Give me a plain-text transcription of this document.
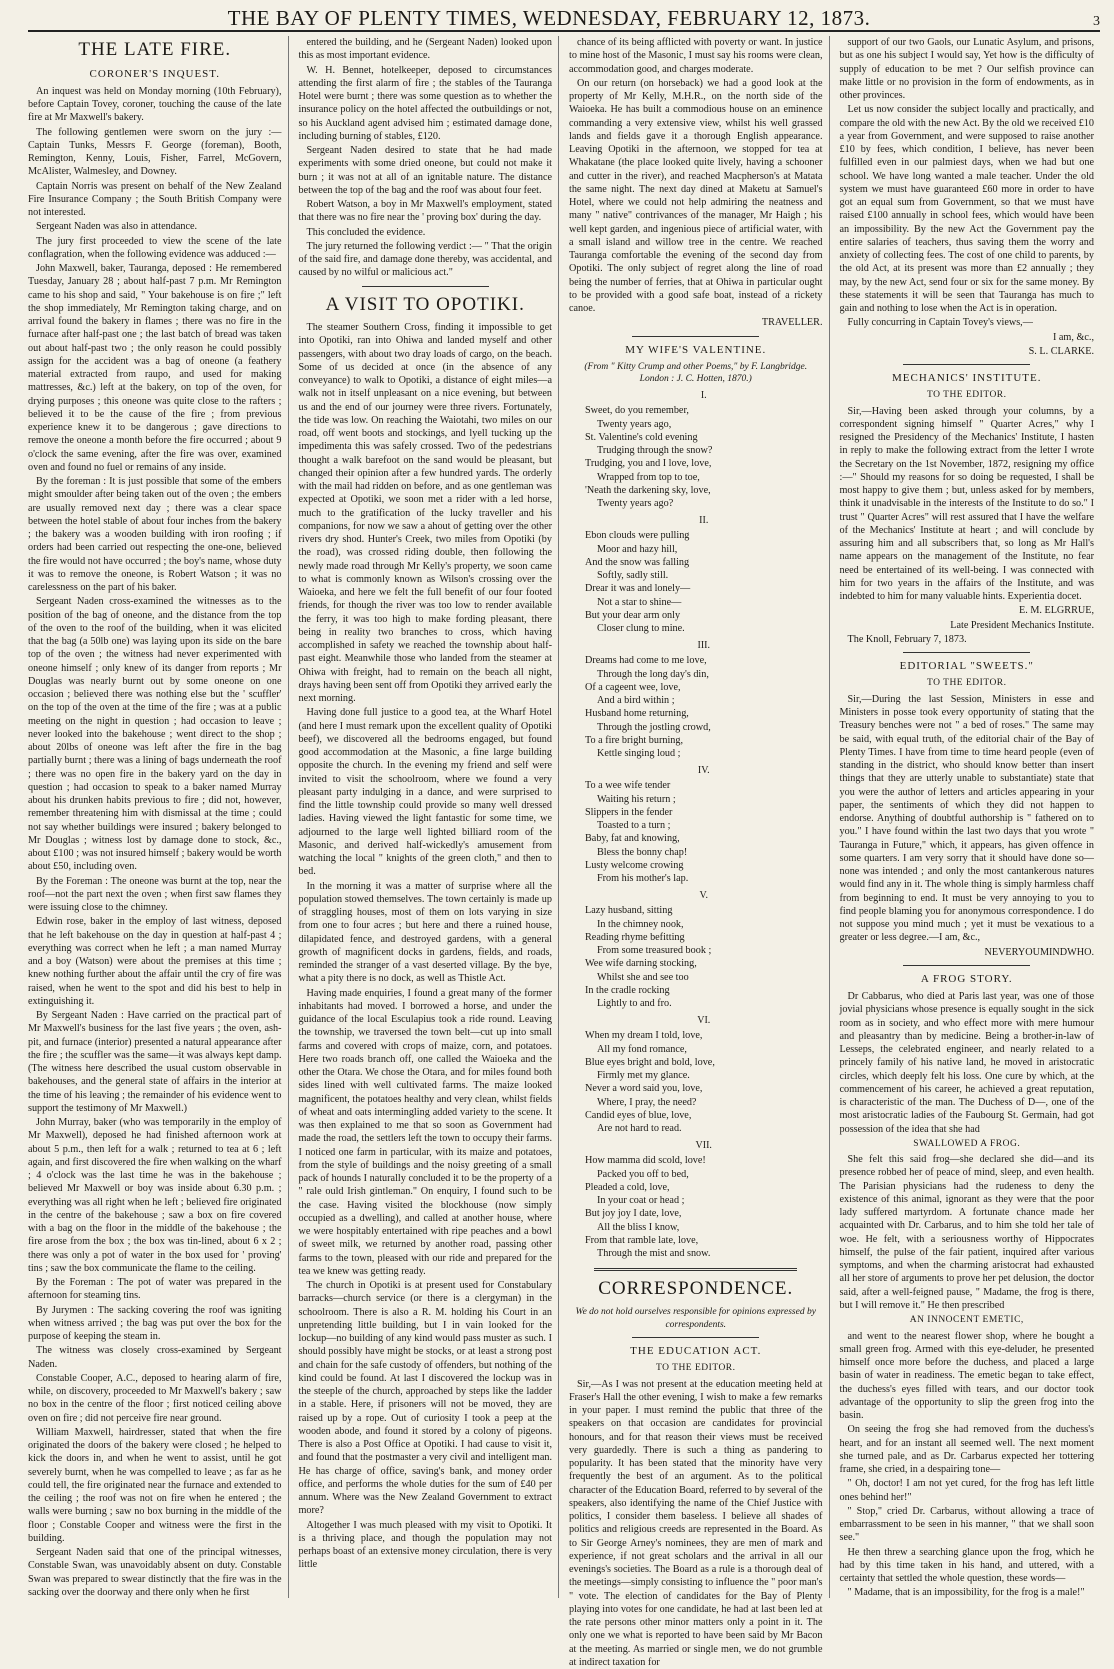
THE BAY OF PLENTY TIMES, WEDNESDAY, FEBRUARY 12, 1873.	3
THE LATE FIRE.
CORONER'S INQUEST.

An inquest was held on Monday morning (10th February), before Captain Tovey, coroner, touching the cause of the late fire at Mr Maxwell's bakery.

The following gentlemen were sworn on the jury :—Captain Tunks, Messrs F. George (foreman), Booth, Remington, Kenny, Louis, Fisher, Farrel, McGovern, McAlister, Walmesley, and Downey.

Captain Norris was present on behalf of the New Zealand Fire Insurance Company ; the South British Company were not interested.

Sergeant Naden was also in attendance.

The jury first proceeded to view the scene of the late conflagration, when the following evidence was adduced :—

John Maxwell, baker, Tauranga, deposed : He remembered Tuesday, January 28 ; about half-past 7 p.m. Mr Remington came to his shop and said, " Your bakehouse is on fire ;" left the shop immediately, Mr Remington taking charge, and on arrival found the bakery in flames ; there was no fire in the furnace after half-past one ; the last batch of bread was taken out about half-past two ; the only reason he could possibly assign for the accident was a bag of oneone (a feathery material extracted from raupo, and used for making mattresses, &c.) left at the bakery, on top of the oven, for drying purposes ; this oneone was quite close to the rafters ; believed it to be the cause of the fire ; from previous experience knew it to be dangerous ; gave directions to remove the oneone a month before the fire occurred ; about 9 o'clock the same evening, after the fire was over, examined oven and found no fuel or remains of any inside.

By the foreman : It is just possible that some of the embers might smoulder after being taken out of the oven ; the embers are usually removed next day ; there was a clear space between the hotel stable of about four inches from the bakery ; the bakery was a wooden building with iron roofing ; if orders had been carried out respecting the one-one, believed the fire would not have occurred ; the boy's name, whose duty it was to remove the oneone, is Robert Watson ; it was no carelessness on the part of his baker.

Sergeant Naden cross-examined the witnesses as to the position of the bag of oneone, and the distance from the top of the oven to the roof of the building, when it was elicited that the bag (a 50lb one) was laying upon its side on the bare top of the oven ; the witness had never experimented with oneone himself ; only knew of its danger from reports ; Mr Douglas was nearly burnt out by some oneone on one occasion ; believed there was nothing else but the ' scuffler' on the top of the oven at the time of the fire ; was at a public meeting on the night in question ; had occasion to leave ; never looked into the bakehouse ; went direct to the shop ; about 20lbs of oneone was left after the fire in the bag partially burnt ; there was a lining of bags underneath the roof ; there was no open fire in the bakery yard on the day in question ; had occasion to speak to a baker named Murray about his drunken habits previous to fire ; did not, however, remember threatening him with dismissal at the time ; could not say whether buildings were insured ; bakery belonged to Mr Douglas ; witness lost by damage done to stock, &c., about £100 ; was not insured himself ; bakery would be worth about £50, including oven.

By the Foreman : The oneone was burnt at the top, near the roof—not the part next the oven ; when first saw flames they were issuing close to the chimney.

Edwin rose, baker in the employ of last witness, deposed that he left bakehouse on the day in question at half-past 4 ; everything was correct when he left ; a man named Murray and a boy (Watson) were about the premises at this time ; knew nothing further about the affair until the cry of fire was raised, when he went to the spot and did his best to help in extinguishing it.

By Sergeant Naden : Have carried on the practical part of Mr Maxwell's business for the last five years ; the oven, ash-pit, and furnace (interior) presented a natural appearance after the fire ; the scuffler was the same—it was always kept damp. (The witness here described the usual custom observable in bakehouses, and the general state of affairs in the interior at the time of his leaving ; the remainder of his evidence went to support the testimony of Mr Maxwell.)

John Murray, baker (who was temporarily in the employ of Mr Maxwell), deposed he had finished afternoon work at about 5 p.m., then left for a walk ; returned to tea at 6 ; left again, and first discovered the fire when walking on the wharf ; 4 o'clock was the last time he was in the bakehouse ; believed Mr Maxwell or boy was inside about 6.30 p.m. ; everything was all right when he left ; believed fire originated in the centre of the bakehouse ; saw a box on fire covered with a bag on the floor in the middle of the bakehouse ; the fire arose from the box ; the box was tin-lined, about 6 x 2 ; there was only a pot of water in the box used for ' proving' tins ; saw the box communicate the flame to the ceiling.

By the Foreman : The pot of water was prepared in the afternoon for steaming tins.

By Jurymen : The sacking covering the roof was igniting when witness arrived ; the bag was put over the box for the purpose of keeping the steam in.

The witness was closely cross-examined by Sergeant Naden.

Constable Cooper, A.C., deposed to hearing alarm of fire, while, on discovery, proceeded to Mr Maxwell's bakery ; saw no box in the centre of the floor ; first noticed ceiling above oven on fire ; did not perceive fire near ground.

William Maxwell, hairdresser, stated that when the fire originated the doors of the bakery were closed ; he helped to kick the doors in, and when he went to assist, until he got severely burnt, when he was compelled to leave ; as far as he could tell, the fire originated near the furnace and extended to the ceiling ; the roof was not on fire when he entered ; the walls were burning ; saw no box burning in the middle of the floor ; Constable Cooper and witness were the first in the building.

Sergeant Naden said that one of the principal witnesses, Constable Swan, was unavoidably absent on duty. Constable Swan was prepared to swear distinctly that the fire was in the sacking over the doorway and there only when he first

entered the building, and he (Sergeant Naden) looked upon this as most important evidence.

W. H. Bennet, hotelkeeper, deposed to circumstances attending the first alarm of fire ; the stables of the Tauranga Hotel were burnt ; there was some question as to whether the insurance policy on the hotel affected the outbuildings or not, so his Auckland agent advised him ; estimated damage done, including burning of stables, £120.

Sergeant Naden desired to state that he had made experiments with some dried oneone, but could not make it burn ; it was not at all of an ignitable nature. The distance between the top of the bag and the roof was about four feet.

Robert Watson, a boy in Mr Maxwell's employment, stated that there was no fire near the ' proving box' during the day.

This concluded the evidence.

The jury returned the following verdict :— " That the origin of the said fire, and damage done thereby, was accidental, and caused by no wilful or malicious act."

A VISIT TO OPOTIKI.

The steamer Southern Cross, finding it impossible to get into Opotiki, ran into Ohiwa and landed myself and other passengers, with about two dray loads of cargo, on the beach. Some of us decided at once (in the absence of any conveyance) to walk to Opotiki, a distance of eight miles—a walk not in itself unpleasant on a nice evening, but between us and the end of our journey were three rivers. Fortunately, the tide was low. On reaching the Waiotahi, two miles on our road, off went boots and stockings, and lyell tucking up the impedimenta this was safely crossed. Two of the pedestrians thought a walk barefoot on the sand would be pleasant, but changed their opinion after a few hundred yards. The orderly with the mail had ridden on before, and as one gentleman was expected at Opotiki, we soon met a rider with a led horse, much to the gratification of the lucky traveller and his companions, for now we saw a ahout of getting over the other rivers dry shod. Hunter's Creek, two miles from Opotiki (by the road), was crossed riding double, then following the newly made road through Mr Kelly's property, we soon came to what is commonly known as Wilson's crossing over the Waioeka, and here we felt the full benefit of our four footed friends, for though the river was too low to render available the ferry, it was too high to make fording pleasant, there being in reality two branches to cross, which having accomplished in safety we reached the township about half-past eight. Meanwhile those who landed from the steamer at Ohiwa with freight, had to remain on the beach all night, drays having been sent off from Opotiki they arrived early the next morning.

Having done full justice to a good tea, at the Wharf Hotel (and here I must remark upon the excellent quality of Opotiki beef), we discovered all the bedrooms engaged, but found good accommodation at the Masonic, a fine large building opposite the church. In the evening my friend and self were invited to visit the schoolroom, where we found a very pleasant party indulging in a dance, and were surprised to find the little township could provide so many well dressed ladies. Having viewed the light fantastic for some time, we adjourned to the large well lighted billiard room of the Masonic, and derived half-wickedly's amusement from watching the local " knights of the green cloth," and then to bed.

In the morning it was a matter of surprise where all the population stowed themselves. The town certainly is made up of straggling houses, most of them on lots varying in size from one to four acres ; but here and there a ruined house, dilapidated fence, and destroyed gardens, with a general growth of magnificent docks in gardens, fields, and roads, reminded the stranger of a vast deserted village. By the bye, what a pity there is no dock, as well as Thistle Act.

Having made enquiries, I found a great many of the former inhabitants had moved. I borrowed a horse, and under the guidance of the local Esculapius took a ride round. Leaving the township, we traversed the town belt—cut up into small farms and covered with crops of maize, corn, and potatoes. Here two roads branch off, one called the Waioeka and the other the Otara. We chose the Otara, and for miles found both sides lined with well cultivated farms. The maize looked magnificent, the potatoes healthy and very clean, whilst fields of wheat and oats intermingling added variety to the scene. It was then explained to me that so soon as Government had made the road, the settlers left the town to occupy their farms. I noticed one farm in particular, with its maize and potatoes, from the style of buildings and the noisy greeting of a small pack of hounds I naturally concluded it to be the property of a " rale ould Irish gintleman." On enquiry, I found such to be the case. Having visited the blockhouse (now simply occupied as a dwelling), and called at another house, where we were hospitably entertained with ripe peaches and a bowl of sweet milk, we returned by another road, passing other farms to the town, pleased with our ride and prepared for the tea we knew was getting ready.

The church in Opotiki is at present used for Constabulary barracks—church service (or there is a clergyman) in the schoolroom. There is also a R. M. holding his Court in an unpretending little building, but I in vain looked for the lockup—no building of any kind would pass muster as such. I should possibly have might be stocks, or at least a strong post and chain for the safe custody of offenders, but nothing of the kind could be found. At last I discovered the lockup was in the steeple of the church, approached by steps like the ladder in a stable. Here, if prisoners will not be moved, they are raised up by a rope. Out of curiosity I took a peep at the wooden abode, and found it stored by a colony of pigeons. There is also a Post Office at Opotiki. I had cause to visit it, and found that the postmaster a very civil and intelligent man. He has charge of office, saving's bank, and money order office, and performs the whole duties for the sum of £40 per annum. Where was the New Zealand Government to extract more?

Altogether I was much pleased with my visit to Opotiki. It is a thriving place, and though the population may not perhaps boast of an extensive money circulation, there is very little

chance of its being afflicted with poverty or want. In justice to mine host of the Masonic, I must say his rooms were clean, accommodation good, and charges moderate.

On our return (on horseback) we had a good look at the property of Mr Kelly, M.H.R., on the north side of the Waioeka. He has built a commodious house on an eminence commanding a very extensive view, whilst his well grassed lands and fields gave it a thorough English appearance. Leaving Opotiki in the afternoon, we stopped for tea at Whakatane (the place looked quite lively, having a schooner and cutter in the river), and reached Macpherson's at Matata the same night. The next day dined at Maketu at Samuel's Hotel, where we could not help admiring the neatness and many " native" contrivances of the manager, Mr Haigh ; his well kept garden, and ingenious piece of artificial water, with a small island and willow tree in the centre. We reached Tauranga comfortable the evening of the second day from Opotiki. The only subject of regret along the line of road being the number of ferries, that at Ohiwa in particular ought to be provided with a good safe boat, instead of a rickety canoe.

TRAVELLER.

MY WIFE'S VALENTINE.
(From " Kitty Crump and other Poems," by F. Langbridge. London : J. C. Hotten, 1870.)
I.
Sweet, do you remember,
Twenty years ago,
St. Valentine's cold evening
Trudging through the snow?
Trudging, you and I love, love,
Wrapped from top to toe,
'Neath the darkening sky, love,
Twenty years ago?
II.
Ebon clouds were pulling
Moor and hazy hill,
And the snow was falling
Softly, sadly still.
Drear it was and lonely—
Not a star to shine—
But your dear arm only
Closer clung to mine.
III.
Dreams had come to me love,
Through the long day's din,
Of a cageent wee, love,
And a bird within ;
Husband home returning,
Through the jostling crowd,
To a fire bright burning,
Kettle singing loud ;
IV.
To a wee wife tender
Waiting his return ;
Slippers in the fender
Toasted to a turn ;
Baby, fat and knowing,
Bless the bonny chap!
Lusty welcome crowing
From his mother's lap.
V.
Lazy husband, sitting
In the chimney nook,
Reading rhyme befitting
From some treasured book ;
Wee wife darning stocking,
Whilst she and see too
In the cradle rocking
Lightly to and fro.
VI.
When my dream I told, love,
All my fond romance,
Blue eyes bright and bold, love,
Firmly met my glance.
Never a word said you, love,
Where, I pray, the need?
Candid eyes of blue, love,
Are not hard to read.
VII.
How mamma did scold, love!
Packed you off to bed,
Pleaded a cold, love,
In your coat or head ;
But joy joy I date, love,
All the bliss I know,
From that ramble late, love,
Through the mist and snow.
CORRESPONDENCE.
We do not hold ourselves responsible for opinions expressed by correspondents.
THE EDUCATION ACT.
TO THE EDITOR.

Sir,—As I was not present at the education meeting held at Fraser's Hall the other evening, I wish to make a few remarks in your paper. I must remind the public that three of the speakers on that occasion are candidates for provincial honours, and for that reason their views must be received very guardedly. There is such a thing as pandering to popularity. It has been stated that the minority have very frequently the best of an argument. As to the political character of the Education Board, referred to by several of the speakers, also identifying the name of the Chief Justice with politics, I consider them baseless. I believe all shades of politics and religious creeds are represented in the Board. As to Sir George Arney's nominees, they are men of mark and experience, if not great scholars and the arrival in all our evenings's societies. The Board as a rule is a thorough deal of the meetings—simply consisting to influence the " poor man's " vote. The election of candidates for the Bay of Plenty playing into votes for one candidate, he had at last been led at the rate persons other minor matters only a point in it. The only one we what is reported to have been said by Mr Bacon at the meeting. As married or single men, we do not grumble at indirect taxation for

support of our two Gaols, our Lunatic Asylum, and prisons, but as one his subject I would say, Yet how is the difficulty of supply of education to be met ? Our selfish province can make little or no provision in the form of endowments, as in other provinces.

Let us now consider the subject locally and practically, and compare the old with the new Act. By the old we received £10 a year from Government, and were supposed to raise another £10 by fees, which condition, I believe, has never been fulfilled even in our palmiest days, when we had but one school. We have long wanted a male teacher. Under the old system we must have guaranteed £60 more in order to have got an equal sum from Government, so that we must have raised £100 annually in school fees, which would have been an impossibility. By the new Act the Government pay the entire salaries of teachers, thus saving them the worry and anxiety of collecting fees. The cost of one child to parents, by the old Act, at its present was more than £2 annually ; they may, by the new Act, send four or six for the same money. By these statements it will be seen that Tauranga has much to gain and nothing to lose when the Act is in operation.

Fully concurring in Captain Tovey's views,—

I am, &c.,

S. L. CLARKE.

MECHANICS' INSTITUTE.
TO THE EDITOR.

Sir,—Having been asked through your columns, by a correspondent signing himself " Quarter Acres," why I resigned the Presidency of the Mechanics' Institute, I hasten in reply to make the following extract from the letter I wrote the Secretary on the 1st November, 1872, resigning my office :—" Should my reasons for so doing be requested, I shall be most happy to give them ; but, unless asked for by members, think it unadvisable in the interests of the Institute to do so." I trust " Quarter Acres" will rest assured that I have the welfare of the Mechanics' Institute at heart ; and will conclude by assuring him and all subscribers that, so long as Mr Hall's name appears on the management of the Institute, no fear need be entertained of its well-being. I was connected with him for two years in the affairs of the Institute, and was indebted to him for many valuable hints. Experientia docet.

E. M. ELGRRUE,

Late President Mechanics Institute.

The Knoll, February 7, 1873.

EDITORIAL "SWEETS."
TO THE EDITOR.

Sir,—During the last Session, Ministers in esse and Ministers in posse took every opportunity of stating that the Treasury benches were not " a bed of roses." The same may be said, with equal truth, of the editorial chair of the Bay of Plenty Times. I have from time to time heard people (even of standing in the district, who should know better than insert things that they are utterly unable to substantiate) state that you were the author of letters and articles appearing in your paper, the sentiments of which they did not happen to endorse. Anything of doubtful authorship is " fathered on to you." I have found within the last two days that you wrote " Tauranga in Future," which, it appears, has given offence in some quarters. I am very sorry that it should have done so—none was intended ; and only the most cantankerous natures would find any in it. The whole thing is simply harmless chaff from beginning to end. It must be very annoying to you to find people blaming you for anonymous correspondence. I do not suppose you mind much ; yet it must be vexatious to a greater or less degree.—I am, &c.,

NEVERYOUMINDWHO.

A FROG STORY.

Dr Cabbarus, who died at Paris last year, was one of those jovial physicians whose presence is equally sought in the sick room as in society, and who effect more with mere humour and pleasantry than by medicine. Being a brother-in-law of Lesseps, the celebrated engineer, and nearly related to a princely family of his native land, he moved in aristocratic circles, which deeply felt his loss. One cure by which, at the commencement of his career, he achieved a great reputation, is characteristic of the man. The Duchess of D—, one of the most aristocratic ladies of the Faubourg St. Germain, had got possession of the idea that she had

SWALLOWED A FROG.

She felt this said frog—she declared she did—and its presence robbed her of peace of mind, sleep, and even health. The Parisian physicians had the rudeness to deny the existence of this animal, ignorant as they were that the poor lady suffered martyrdom. A fortunate chance made her acquainted with Dr. Carbarus, and to him she told her tale of woe. He felt, with a seriousness worthy of Hippocrates himself, the pulse of the fair patient, inquired after various symptoms, and when the charming aristocrat had exhausted all her store of arguments to prove her pet delusion, the doctor said, after a well-feigned pause, " Madame, the frog is there, but I will remove it." He then prescribed

AN INNOCENT EMETIC,

and went to the nearest flower shop, where he bought a small green frog. Armed with this eye-deluder, he presented himself once more before the duchess, and placed a large basin of water in readiness. The emetic began to take effect, the duchess's eyes filled with tears, and our doctor took advantage of the opportunity to slip the green frog into the basin.

On seeing the frog she had removed from the duchess's heart, and for an instant all seemed well. The next moment she turned pale, and as Dr. Carbarus expected her tottering frame, she cried, in a despairing tone—

" Oh, doctor! I am not yet cured, for the frog has left little ones behind her!"

" Stop," cried Dr. Carbarus, without allowing a trace of embarrassment to be seen in his manner, " that we shall soon see."

He then threw a searching glance upon the frog, which he had by this time taken in his hand, and uttered, with a certainty that settled the whole question, these words—

" Madame, that is an impossibility, for the frog is a male!"
